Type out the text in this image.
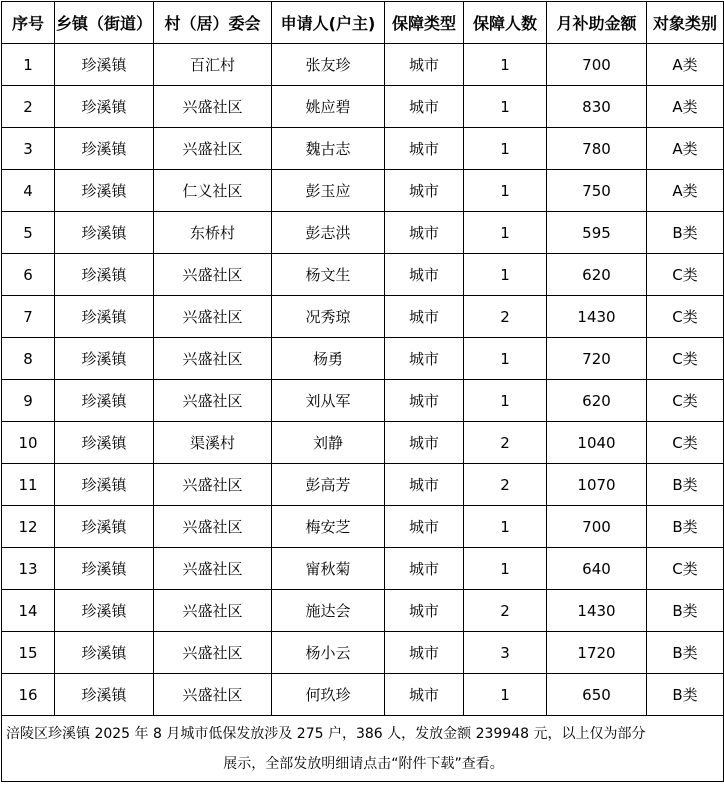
序号	乡镇（街道）	村（居）委会	申请人(户主)	保障类型	保障人数	月补助金额	对象类别
1	珍溪镇	百汇村	张友珍	城市	1	700	A类
2	珍溪镇	兴盛社区	姚应碧	城市	1	830	A类
3	珍溪镇	兴盛社区	魏古志	城市	1	780	A类
4	珍溪镇	仁义社区	彭玉应	城市	1	750	A类
5	珍溪镇	东桥村	彭志洪	城市	1	595	B类
6	珍溪镇	兴盛社区	杨文生	城市	1	620	C类
7	珍溪镇	兴盛社区	况秀琼	城市	2	1430	C类
8	珍溪镇	兴盛社区	杨勇	城市	1	720	C类
9	珍溪镇	兴盛社区	刘从军	城市	1	620	C类
10	珍溪镇	渠溪村	刘静	城市	2	1040	C类
11	珍溪镇	兴盛社区	彭高芳	城市	2	1070	B类
12	珍溪镇	兴盛社区	梅安芝	城市	1	700	B类
13	珍溪镇	兴盛社区	甯秋菊	城市	1	640	C类
14	珍溪镇	兴盛社区	施达会	城市	2	1430	B类
15	珍溪镇	兴盛社区	杨小云	城市	3	1720	B类
16	珍溪镇	兴盛社区	何玖珍	城市	1	650	B类
涪陵区珍溪镇 2025 年 8 月城市低保发放涉及 275 户，386 人，发放金额 239948 元，以上仅为部分
展示，全部发放明细请点击“附件下载”查看。							
